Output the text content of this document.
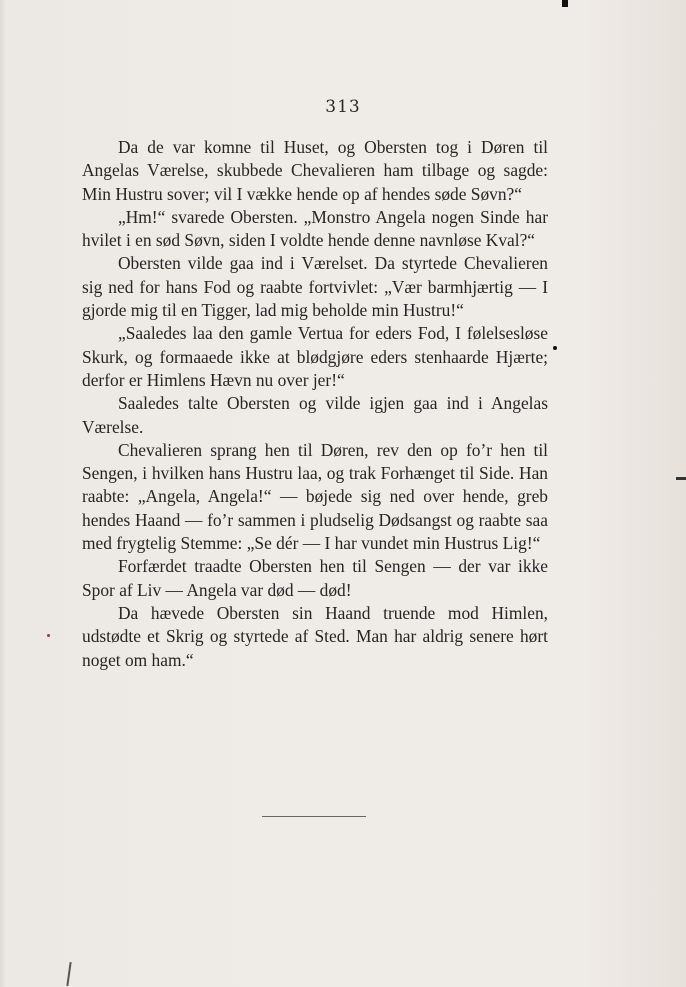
313

Da de var komne til Huset, og Obersten tog i Døren til Angelas Værelse, skubbede Chevalieren ham tilbage og sagde: Min Hustru sover; vil I vække hende op af hendes søde Søvn?“

„Hm!“ svarede Obersten. „Monstro Angela nogen Sinde har hvilet i en sød Søvn, siden I voldte hende denne navnløse Kval?“

Obersten vilde gaa ind i Værelset. Da styrtede Chevalieren sig ned for hans Fod og raabte fortvivlet: „Vær barmhjærtig — I gjorde mig til en Tigger, lad mig beholde min Hustru!“

„Saaledes laa den gamle Vertua for eders Fod, I følelsesløse Skurk, og formaaede ikke at blødgjøre eders stenhaarde Hjærte; derfor er Himlens Hævn nu over jer!“

Saaledes talte Obersten og vilde igjen gaa ind i Angelas Værelse.

Chevalieren sprang hen til Døren, rev den op fo’r hen til Sengen, i hvilken hans Hustru laa, og trak Forhænget til Side. Han raabte: „Angela, Angela!“ — bøjede sig ned over hende, greb hendes Haand — fo’r sammen i pludselig Dødsangst og raabte saa med frygtelig Stemme: „Se dér — I har vundet min Hustrus Lig!“

Forfærdet traadte Obersten hen til Sengen — der var ikke Spor af Liv — Angela var død — død!

Da hævede Obersten sin Haand truende mod Himlen, udstødte et Skrig og styrtede af Sted. Man har aldrig senere hørt noget om ham.“
